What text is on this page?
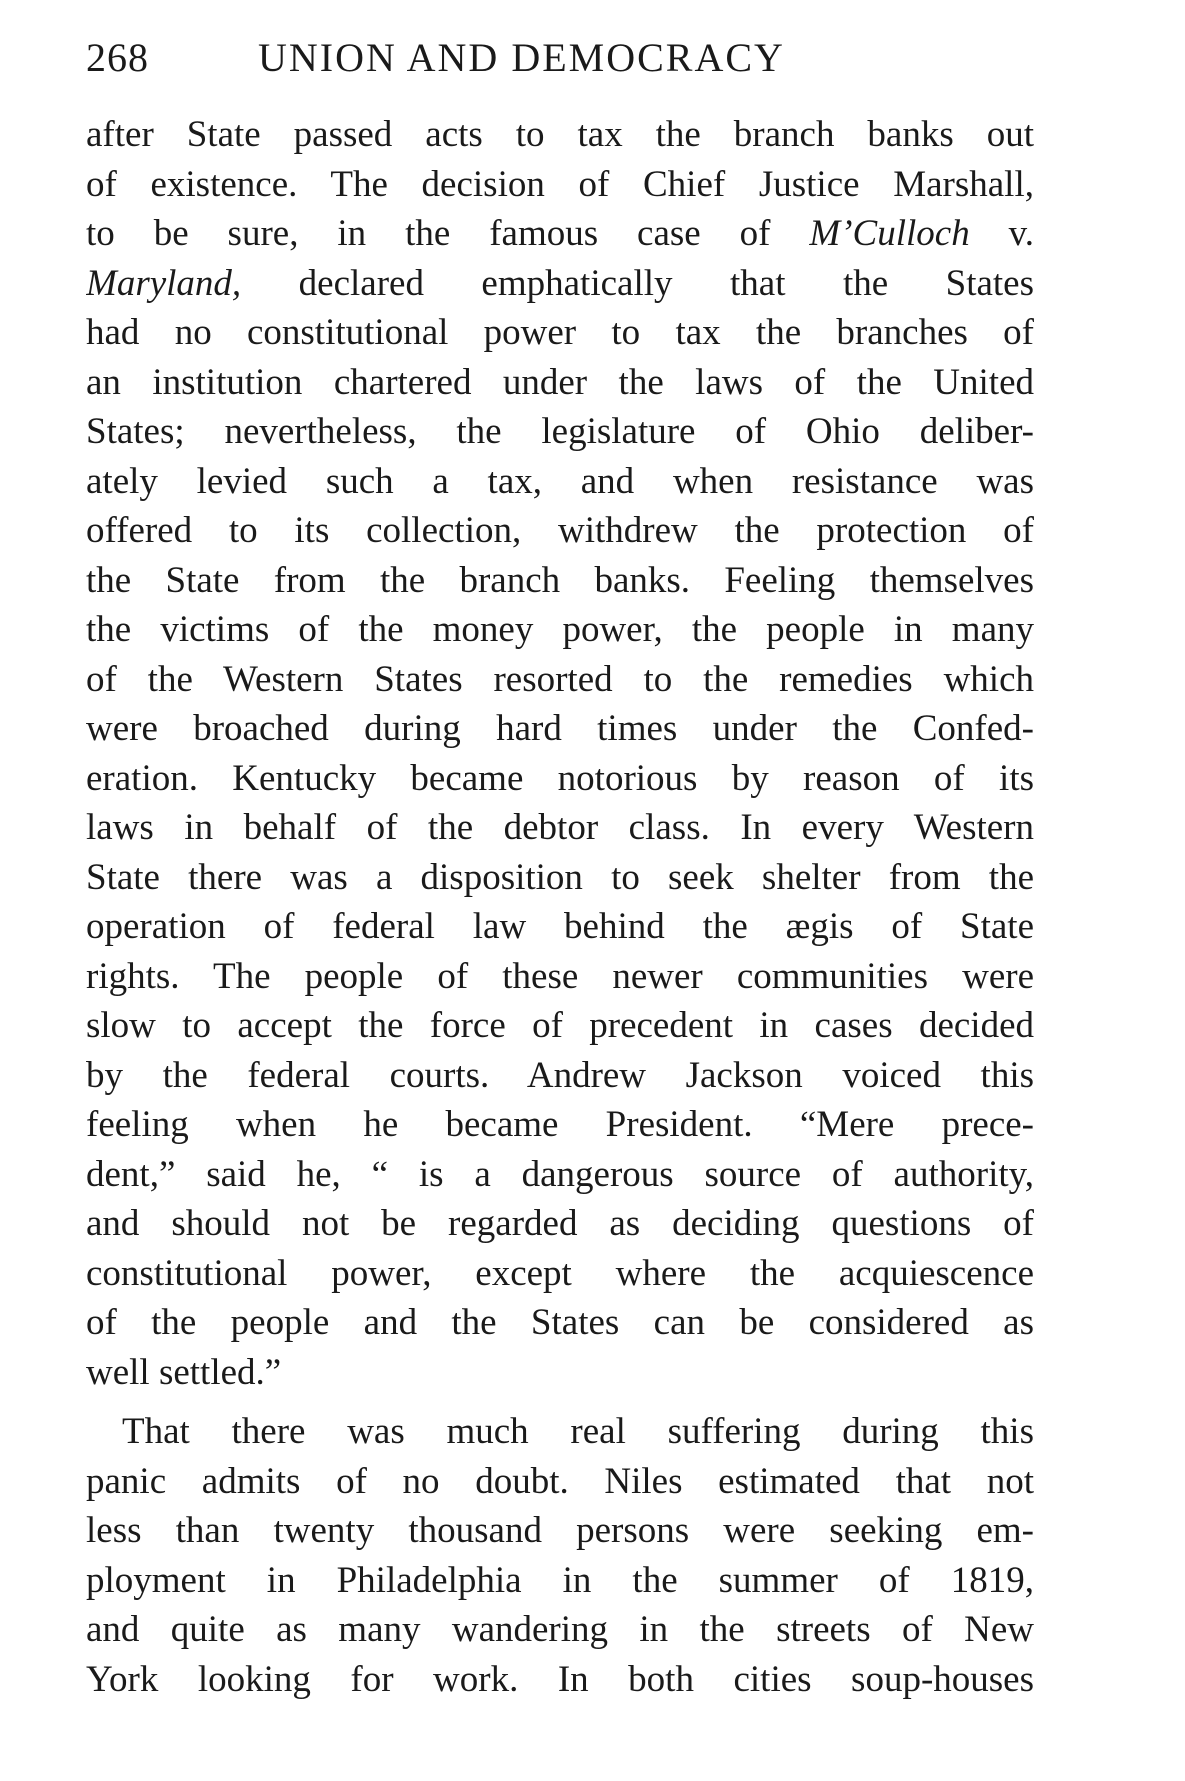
268	UNION AND DEMOCRACY
after State passed acts to tax the branch banks out
of existence. The decision of Chief Justice Marshall,
to be sure, in the famous case of M’Culloch v.
Maryland, declared emphatically that the States
had no constitutional power to tax the branches of
an institution chartered under the laws of the United
States; nevertheless, the legislature of Ohio deliber-
ately levied such a tax, and when resistance was
offered to its collection, withdrew the protection of
the State from the branch banks. Feeling themselves
the victims of the money power, the people in many
of the Western States resorted to the remedies which
were broached during hard times under the Confed-
eration. Kentucky became notorious by reason of its
laws in behalf of the debtor class. In every Western
State there was a disposition to seek shelter from the
operation of federal law behind the ægis of State
rights. The people of these newer communities were
slow to accept the force of precedent in cases decided
by the federal courts. Andrew Jackson voiced this
feeling when he became President. “Mere prece-
dent,” said he, “ is a dangerous source of authority,
and should not be regarded as deciding questions of
constitutional power, except where the acquiescence
of the people and the States can be considered as
well settled.”
That there was much real suffering during this
panic admits of no doubt. Niles estimated that not
less than twenty thousand persons were seeking em-
ployment in Philadelphia in the summer of 1819,
and quite as many wandering in the streets of New
York looking for work. In both cities soup-houses
